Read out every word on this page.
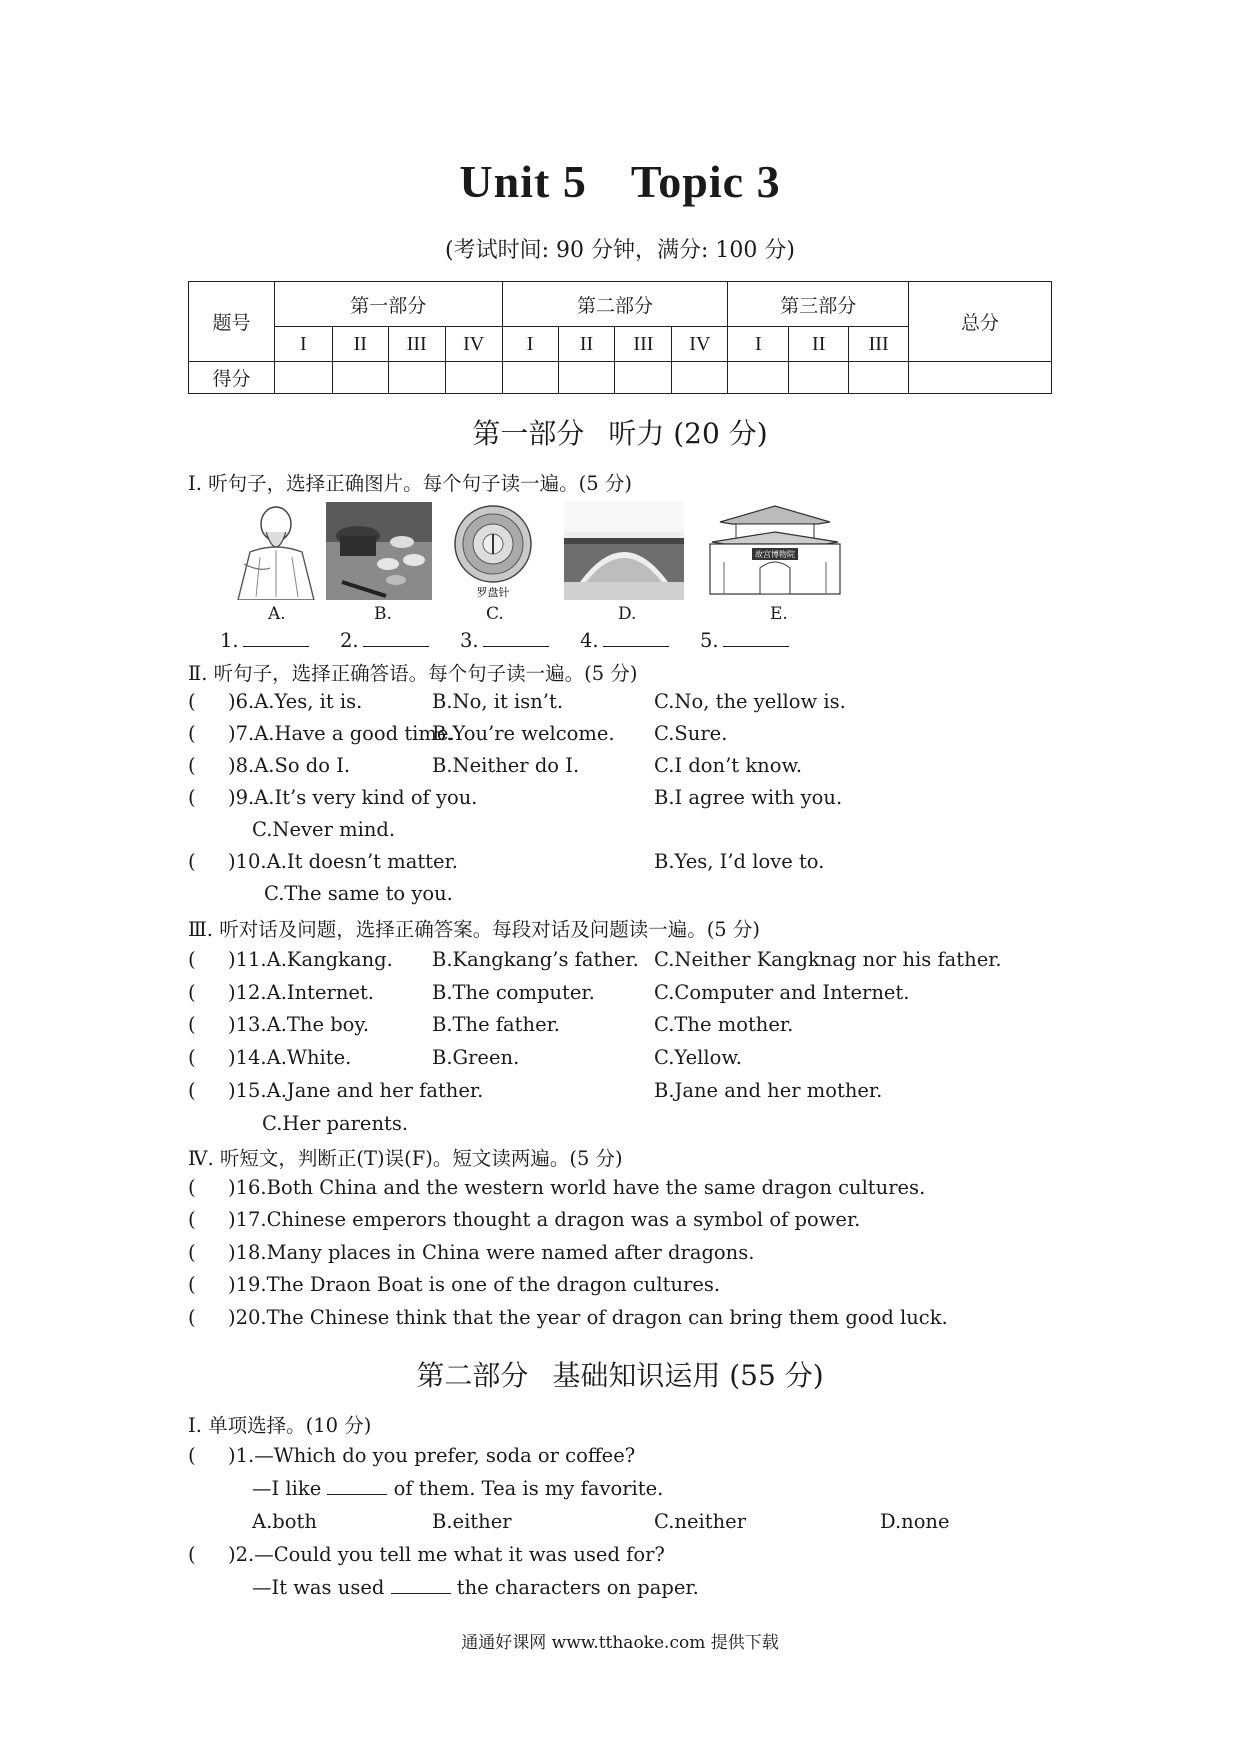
Unit 5 Topic 3
(考试时间: 90 分钟，满分: 100 分)
题号	第一部分				第二部分				第三部分			总分
	I	II	III	IV	I	II	III	IV	I	II	III	
得分												
第一部分 听力 (20 分)
Ⅰ. 听句子，选择正确图片。每个句子读一遍。(5 分)
A.	B.
罗盘针
C.	D.
故宫博物院
E.
1.	2.	3.	4.	5.
Ⅱ. 听句子，选择正确答语。每个句子读一遍。(5 分)
( )6.A.Yes, it is.	B.No, it isn’t.	C.No, the yellow is.
( )7.A.Have a good time.
B.You’re welcome. C.Sure.
( )8.A.So do I.	B.Neither do I.	C.I don’t know.
( )9.A.It’s very kind of you.	B.I agree with you.
C.Never mind.
( )10.A.It doesn’t matter.	B.Yes, I’d love to.
C.The same to you.
Ⅲ. 听对话及问题，选择正确答案。每段对话及问题读一遍。(5 分)
( )11.A.Kangkang. B.Kangkang’s father. C.Neither Kangknag nor his father.
( )12.A.Internet.	B.The computer.	C.Computer and Internet.
( )13.A.The boy.	B.The father.	C.The mother.
( )14.A.White.	B.Green.	C.Yellow.
( )15.A.Jane and her father.	B.Jane and her mother.
C.Her parents.
Ⅳ. 听短文，判断正(T)误(F)。短文读两遍。(5 分)
( )16.Both China and the western world have the same dragon cultures.
( )17.Chinese emperors thought a dragon was a symbol of power.
( )18.Many places in China were named after dragons.
( )19.The Draon Boat is one of the dragon cultures.
( )20.The Chinese think that the year of dragon can bring them good luck.
第二部分 基础知识运用 (55 分)
Ⅰ. 单项选择。(10 分)
( )1.—Which do you prefer, soda or coffee?
—I like	of them. Tea is my favorite.
A.both	B.either	C.neither	D.none
( )2.—Could you tell me what it was used for?
—It was used	the characters on paper.
通通好课网 www.tthaoke.com 提供下载
